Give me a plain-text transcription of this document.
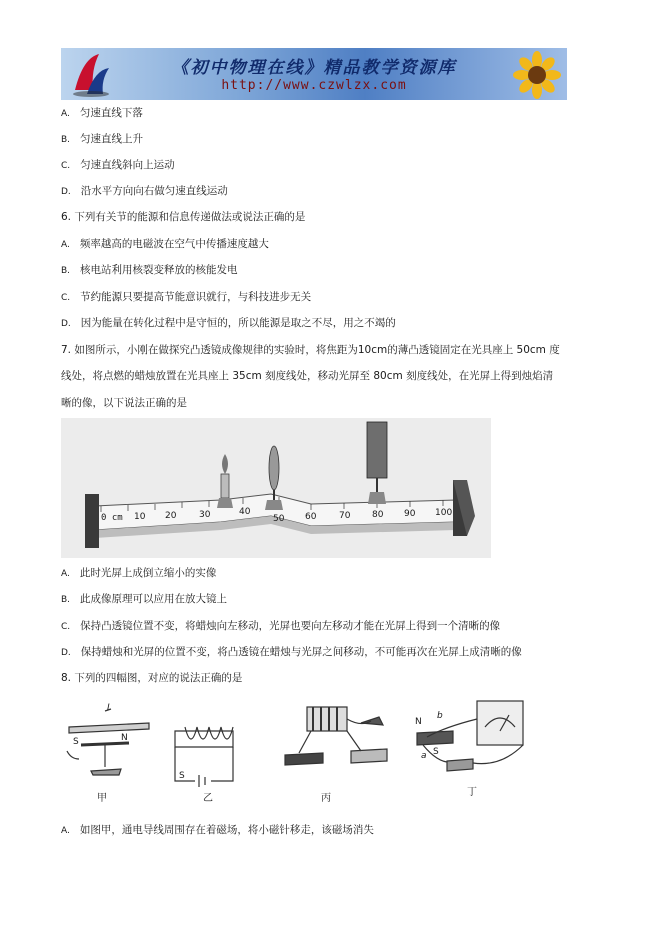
《初中物理在线》精品教学资源库
http://www.czwlzx.com
A. 匀速直线下落
B. 匀速直线上升
C. 匀速直线斜向上运动
D. 沿水平方向向右做匀速直线运动
6. 下列有关节的能源和信息传递做法或说法正确的是
A. 频率越高的电磁波在空气中传播速度越大
B. 核电站利用核裂变释放的核能发电
C. 节约能源只要提高节能意识就行，与科技进步无关
D. 因为能量在转化过程中是守恒的，所以能源是取之不尽，用之不竭的
7. 如图所示，小刚在做探究凸透镜成像规律的实验时，将焦距为10cm的薄凸透镜固定在光具座上 50cm 度
线处，将点燃的蜡烛放置在光具座上 35cm 刻度线处，移动光屏至 80cm 刻度线处，在光屏上得到烛焰清
晰的像，以下说法正确的是
0 cm 10 20	30	40
50 60	70 80 90 100
A. 此时光屏上成倒立缩小的实像
B. 此成像原理可以应用在放大镜上
C. 保持凸透镜位置不变，将蜡烛向左移动，光屏也要向左移动才能在光屏上得到一个清晰的像
D. 保持蜡烛和光屏的位置不变，将凸透镜在蜡烛与光屏之间移动，不可能再次在光屏上成清晰的像
8. 下列的四幅图，对应的说法正确的是
I
S	N
S
N
b
S
a
甲	乙	丙
丁
A. 如图甲，通电导线周围存在着磁场，将小磁针移走，该磁场消失
